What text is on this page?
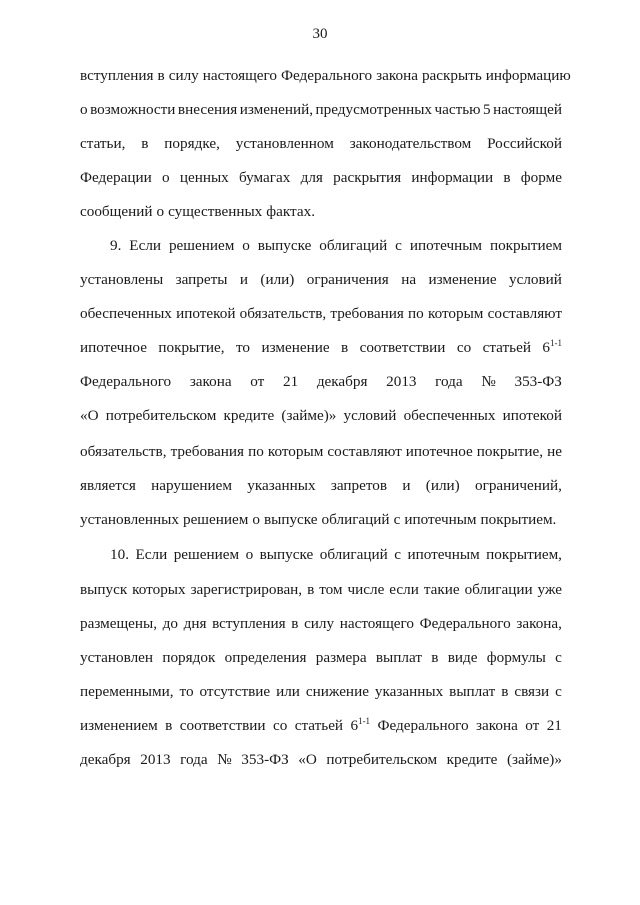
30
вступления в силу настоящего Федерального закона раскрыть информацию
о возможности внесения изменений, предусмотренных частью 5 настоящей
статьи, в порядке, установленном законодательством Российской
Федерации о ценных бумагах для раскрытия информации в форме
сообщений о существенных фактах.
9. Если решением о выпуске облигаций с ипотечным покрытием
установлены запреты и (или) ограничения на изменение условий
обеспеченных ипотекой обязательств, требования по которым составляют
ипотечное покрытие, то изменение в соответствии со статьей 6$^{1-1}$
Федерального закона от 21 декабря 2013 года № 353-ФЗ
«О потребительском кредите (займе)» условий обеспеченных ипотекой
обязательств, требования по которым составляют ипотечное покрытие, не
является нарушением указанных запретов и (или) ограничений,
установленных решением о выпуске облигаций с ипотечным покрытием.
10. Если решением о выпуске облигаций с ипотечным покрытием,
выпуск которых зарегистрирован, в том числе если такие облигации уже
размещены, до дня вступления в силу настоящего Федерального закона,
установлен порядок определения размера выплат в виде формулы с
переменными, то отсутствие или снижение указанных выплат в связи с
изменением в соответствии со статьей 6$^{1-1}$ Федерального закона от 21
декабря 2013 года № 353-ФЗ «О потребительском кредите (займе)»
